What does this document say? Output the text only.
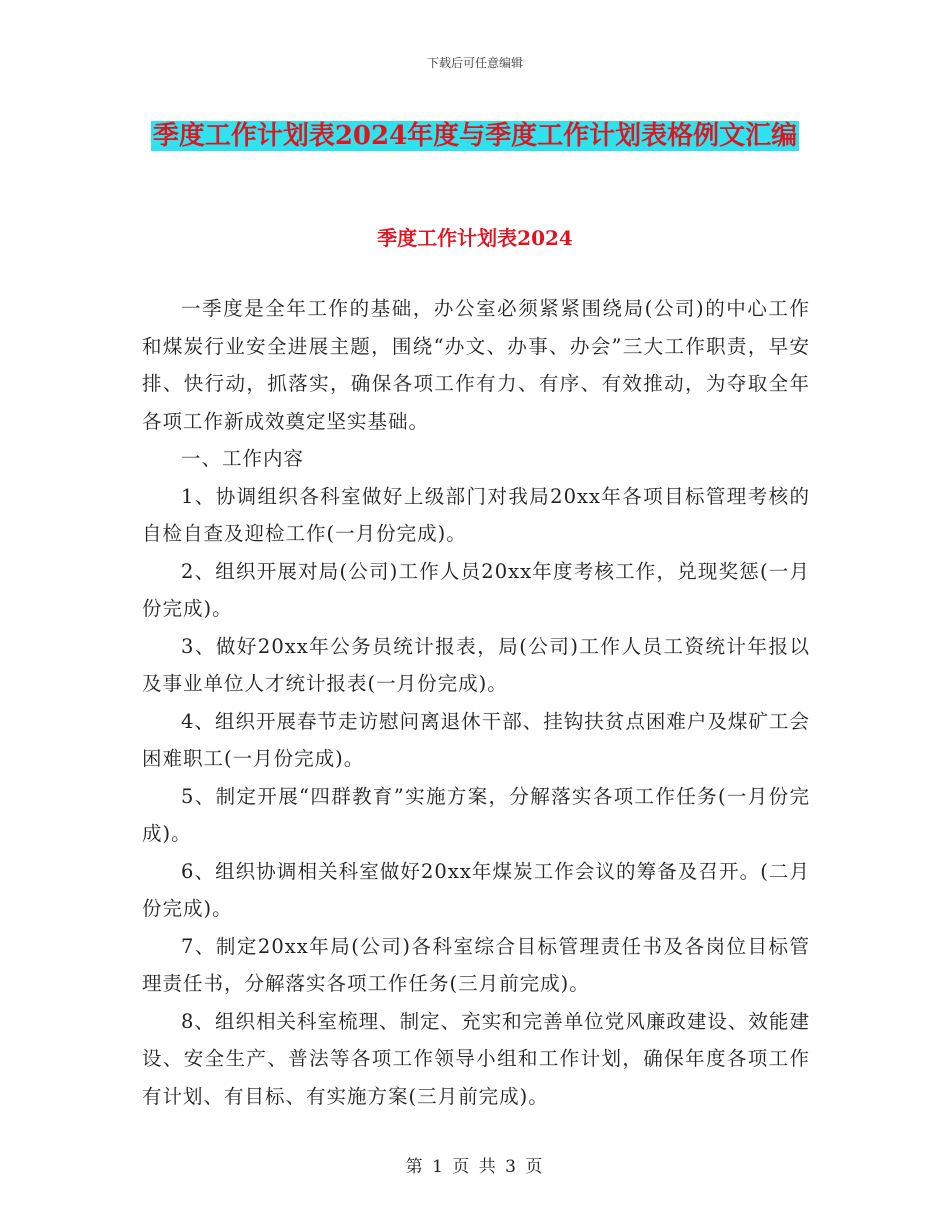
下载后可任意编辑
季度工作计划表2024年度与季度工作计划表格例文汇编
季度工作计划表2024

一季度是全年工作的基础，办公室必须紧紧围绕局(公司)的中心工作和煤炭行业安全进展主题，围绕“办文、办事、办会”三大工作职责，早安排、快行动，抓落实，确保各项工作有力、有序、有效推动，为夺取全年各项工作新成效奠定坚实基础。

一、工作内容

1、协调组织各科室做好上级部门对我局20xx年各项目标管理考核的自检自查及迎检工作(一月份完成)。

2、组织开展对局(公司)工作人员20xx年度考核工作，兑现奖惩(一月份完成)。

3、做好20xx年公务员统计报表，局(公司)工作人员工资统计年报以及事业单位人才统计报表(一月份完成)。

4、组织开展春节走访慰问离退休干部、挂钩扶贫点困难户及煤矿工会困难职工(一月份完成)。

5、制定开展“四群教育”实施方案，分解落实各项工作任务(一月份完成)。

6、组织协调相关科室做好20xx年煤炭工作会议的筹备及召开。(二月份完成)。

7、制定20xx年局(公司)各科室综合目标管理责任书及各岗位目标管理责任书，分解落实各项工作任务(三月前完成)。

8、组织相关科室梳理、制定、充实和完善单位党风廉政建设、效能建设、安全生产、普法等各项工作领导小组和工作计划，确保年度各项工作有计划、有目标、有实施方案(三月前完成)。

第 1 页 共 3 页
